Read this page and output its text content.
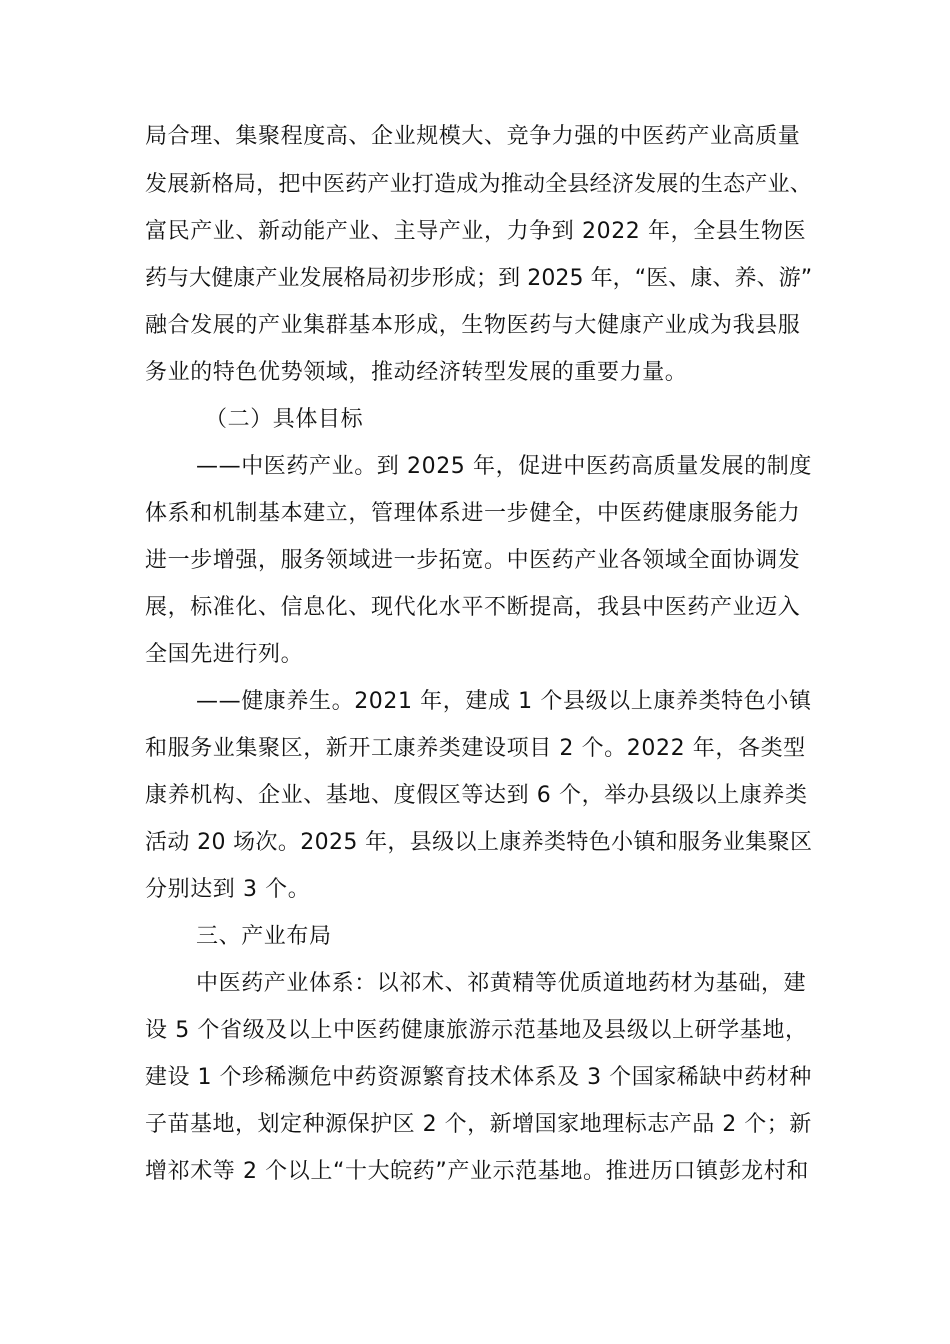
局合理、集聚程度高、企业规模大、竞争力强的中医药产业高质量
发展新格局，把中医药产业打造成为推动全县经济发展的生态产业、
富民产业、新动能产业、主导产业，力争到 2022 年，全县生物医
药与大健康产业发展格局初步形成；到 2025 年，“医、康、养、游”
融合发展的产业集群基本形成，生物医药与大健康产业成为我县服
务业的特色优势领域，推动经济转型发展的重要力量。
（二）具体目标
——中医药产业。到 2025 年，促进中医药高质量发展的制度
体系和机制基本建立，管理体系进一步健全，中医药健康服务能力
进一步增强，服务领域进一步拓宽。中医药产业各领域全面协调发
展，标准化、信息化、现代化水平不断提高，我县中医药产业迈入
全国先进行列。
——健康养生。2021 年，建成 1 个县级以上康养类特色小镇
和服务业集聚区，新开工康养类建设项目 2 个。2022 年，各类型
康养机构、企业、基地、度假区等达到 6 个，举办县级以上康养类
活动 20 场次。2025 年，县级以上康养类特色小镇和服务业集聚区
分别达到 3 个。
三、产业布局
中医药产业体系：以祁术、祁黄精等优质道地药材为基础，建
设 5 个省级及以上中医药健康旅游示范基地及县级以上研学基地，
建设 1 个珍稀濒危中药资源繁育技术体系及 3 个国家稀缺中药材种
子苗基地，划定种源保护区 2 个，新增国家地理标志产品 2 个；新
增祁术等 2 个以上“十大皖药”产业示范基地。推进历口镇彭龙村和
